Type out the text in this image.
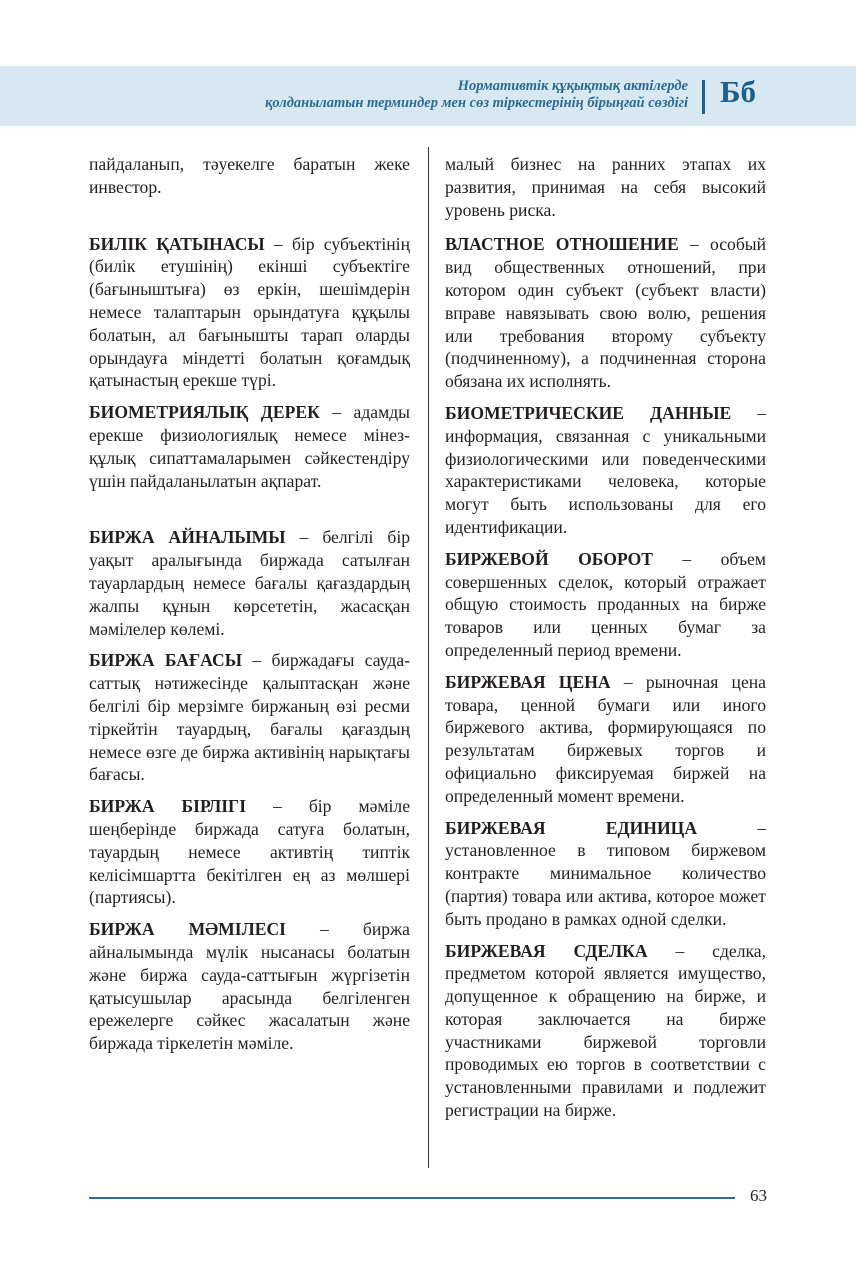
Нормативтік құқықтық актілерде
қолданылатын терминдер мен сөз тіркестерінің бірыңғай сөздігі Бб

пайдаланып, тәуекелге баратын жеке инвестор.

БИЛІК ҚАТЫНАСЫ – бір субъектінің (билік етушінің) екінші субъектіге (бағыныштыға) өз еркін, шешімдерін немесе талаптарын орындатуға құқылы болатын, ал бағынышты тарап оларды орындауға міндетті болатын қоғамдық қатынастың ерекше түрі.

БИОМЕТРИЯЛЫҚ ДЕРЕК – адамды ерекше физиологиялық немесе мінез-құлық сипаттамаларымен сәйкестендіру үшін пайдаланылатын ақпарат.

БИРЖА АЙНАЛЫМЫ – белгілі бір уақыт аралығында биржада сатылған тауарлардың немесе бағалы қағаздардың жалпы құнын көрсететін, жасасқан мәмілелер көлемі.

БИРЖА БАҒАСЫ – биржадағы сауда-саттық нәтижесінде қалыптасқан және белгілі бір мерзімге биржаның өзі ресми тіркейтін тауардың, бағалы қағаздың немесе өзге де биржа активінің нарықтағы бағасы.

БИРЖА БІРЛІГІ – бір мәміле шеңберінде биржада сатуға болатын, тауардың немесе активтің типтік келісімшартта бекітілген ең аз мөлшері (партиясы).

БИРЖА МӘМІЛЕСІ – биржа айналымында мүлік нысанасы болатын және биржа сауда-саттығын жүргізетін қатысушылар арасында белгіленген ережелерге сәйкес жасалатын және биржада тіркелетін мәміле.

малый бизнес на ранних этапах их развития, принимая на себя высокий уровень риска.

ВЛАСТНОЕ ОТНОШЕНИЕ – особый вид общественных отношений, при котором один субъект (субъект власти) вправе навязывать свою волю, решения или требования второму субъекту (подчиненному), а подчиненная сторона обязана их исполнять.

БИОМЕТРИЧЕСКИЕ ДАННЫЕ – информация, связанная с уникальными физиологическими или поведенческими характеристиками человека, которые могут быть использованы для его идентификации.

БИРЖЕВОЙ ОБОРОТ – объем совершенных сделок, который отражает общую стоимость проданных на бирже товаров или ценных бумаг за определенный период времени.

БИРЖЕВАЯ ЦЕНА – рыночная цена товара, ценной бумаги или иного биржевого актива, формирующаяся по результатам биржевых торгов и официально фиксируемая биржей на определенный момент времени.

БИРЖЕВАЯ ЕДИНИЦА – установленное в типовом биржевом контракте минимальное количество (партия) товара или актива, которое может быть продано в рамках одной сделки.

БИРЖЕВАЯ СДЕЛКА – сделка, предметом которой является имущество, допущенное к обращению на бирже, и которая заключается на бирже участниками биржевой торговли проводимых ею торгов в соответствии с установленными правилами и подлежит регистрации на бирже.

63
